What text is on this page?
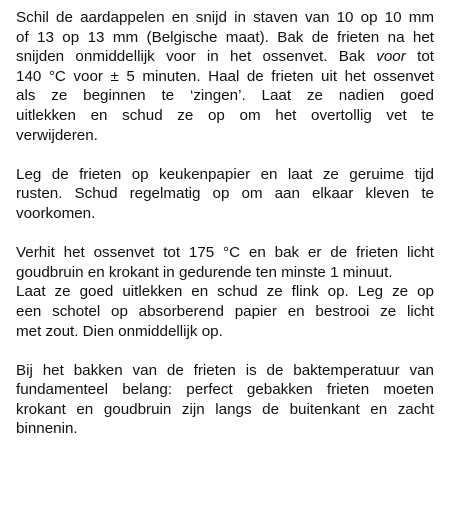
Schil de aardappelen en snijd in staven van 10 op 10 mm
of 13 op 13 mm (Belgische maat). Bak de frieten na het
snijden onmiddellijk voor in het ossenvet. Bak voor tot
140 °C voor ± 5 minuten. Haal de frieten uit het ossenvet
als ze beginnen te ‘zingen’. Laat ze nadien goed
uitlekken en schud ze op om het overtollig vet te
verwijderen.

Leg de frieten op keukenpapier en laat ze geruime tijd
rusten. Schud regelmatig op om aan elkaar kleven te
voorkomen.

Verhit het ossenvet tot 175 °C en bak er de frieten licht
goudbruin en krokant in gedurende ten minste 1 minuut.
Laat ze goed uitlekken en schud ze flink op. Leg ze op
een schotel op absorberend papier en bestrooi ze licht
met zout. Dien onmiddellijk op.

Bij het bakken van de frieten is de baktemperatuur van
fundamenteel belang: perfect gebakken frieten moeten
krokant en goudbruin zijn langs de buitenkant en zacht
binnenin.
